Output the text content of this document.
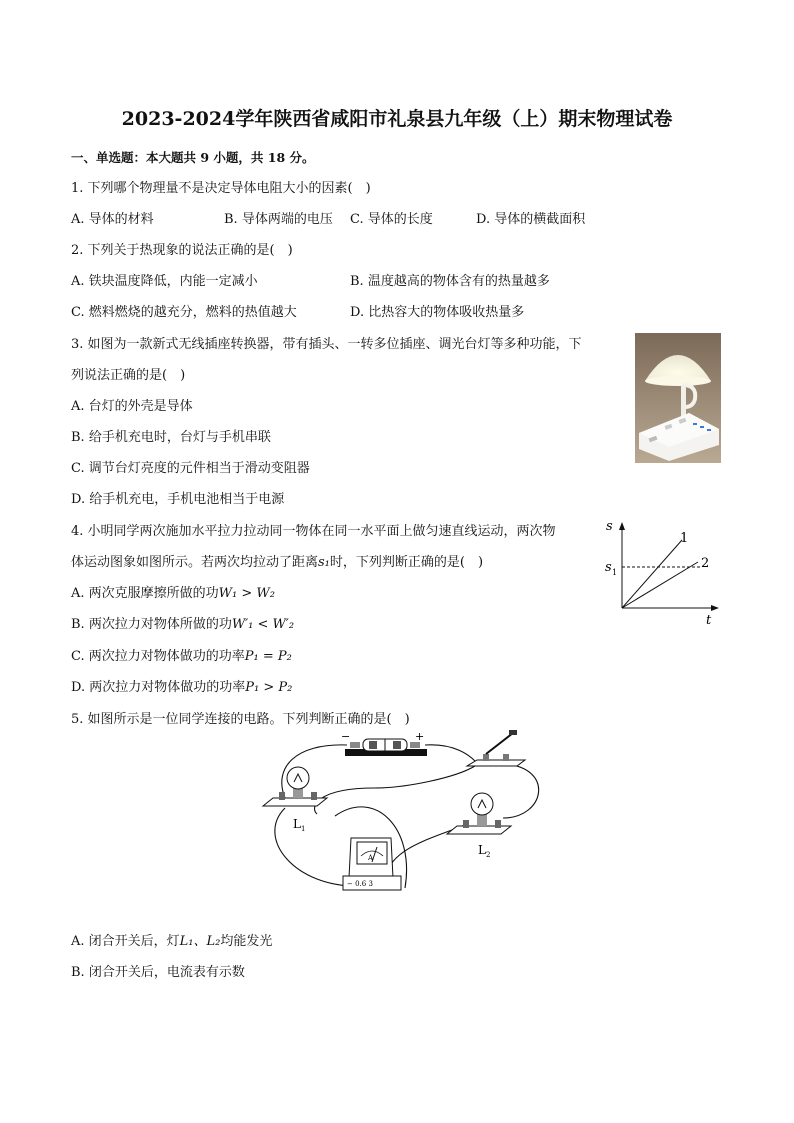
2023-2024学年陕西省咸阳市礼泉县九年级（上）期末物理试卷
一、单选题：本大题共 9 小题，共 18 分。
1. 下列哪个物理量不是决定导体电阻大小的因素(　)
A. 导体的材料	B. 导体两端的电压 C. 导体的长度	D. 导体的横截面积
2. 下列关于热现象的说法正确的是(　)
A. 铁块温度降低，内能一定减小	B. 温度越高的物体含有的热量越多
C. 燃料燃烧的越充分，燃料的热值越大	D. 比热容大的物体吸收热量多
3. 如图为一款新式无线插座转换器，带有插头、一转多位插座、调光台灯等多种功能，下
列说法正确的是(　)
A. 台灯的外壳是导体
B. 给手机充电时，台灯与手机串联
C. 调节台灯亮度的元件相当于滑动变阻器
D. 给手机充电，手机电池相当于电源
4. 小明同学两次施加水平拉力拉动同一物体在同一水平面上做匀速直线运动，两次物
体运动图象如图所示。若两次均拉动了距离s₁时，下列判断正确的是(　)
A. 两次克服摩擦所做的功W₁ > W₂
B. 两次拉力对物体所做的功W′₁ < W′₂
C. 两次拉力对物体做功的功率P₁ = P₂
D. 两次拉力对物体做功的功率P₁ > P₂
s
t
s 1
1
2
5. 如图所示是一位同学连接的电路。下列判断正确的是(　)
−	+
L 1
L 2
A
− 0.6 3
A. 闭合开关后，灯L₁、L₂均能发光
B. 闭合开关后，电流表有示数
